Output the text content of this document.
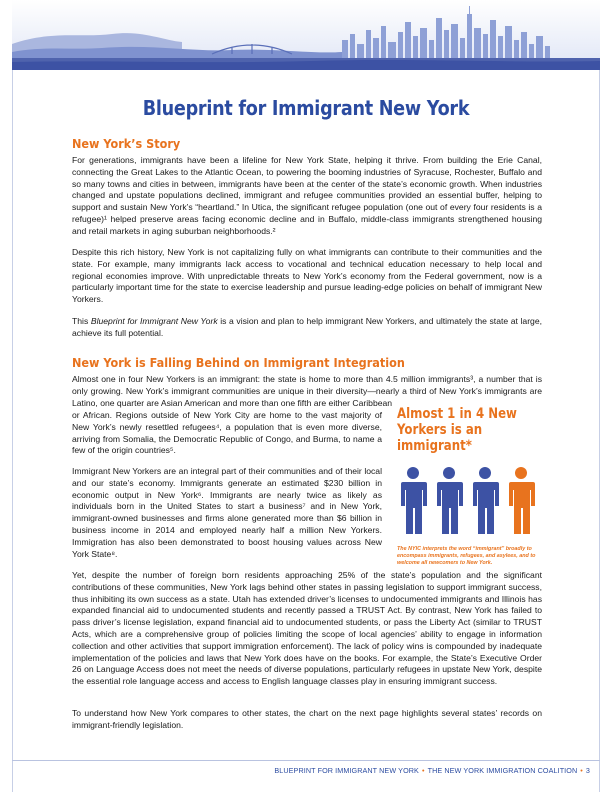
Blueprint for Immigrant New York
New York’s Story

For generations, immigrants have been a lifeline for New York State, helping it thrive. From building the Erie Canal, connecting the Great Lakes to the Atlantic Ocean, to powering the booming industries of Syracuse, Rochester, Buffalo and so many towns and cities in between, immigrants have been at the center of the state’s economic growth. When industries changed and upstate populations declined, immigrant and refugee communities provided an essential buffer, helping to support and sustain New York’s “heartland.” In Utica, the significant refugee population (one out of every four residents is a refugee)¹ helped preserve areas facing economic decline and in Buffalo, middle-class immigrants strengthened housing and retail markets in aging suburban neighborhoods.²

Despite this rich history, New York is not capitalizing fully on what immigrants can contribute to their communities and the state. For example, many immigrants lack access to vocational and technical education necessary to help local and regional economies improve. With unpredictable threats to New York’s economy from the Federal government, now is a particularly important time for the state to exercise leadership and pursue leading-edge policies on behalf of immigrant New Yorkers.

This Blueprint for Immigrant New York is a vision and plan to help immigrant New Yorkers, and ultimately the state at large, achieve its full potential.

New York is Falling Behind on Immigrant Integration

Almost one in four New Yorkers is an immigrant: the state is home to more than 4.5 million immigrants³, a number that is only growing. New York’s immigrant communities are unique in their diversity—nearly a third of New York’s immigrants are Latino, one quarter are Asian American and more than one fifth are either Caribbean

or African. Regions outside of New York City are home to the vast majority of New York’s newly resettled refugees⁴, a population that is even more diverse, arriving from Somalia, the Democratic Republic of Congo, and Burma, to name a few of the origin countries⁵.

Immigrant New Yorkers are an integral part of their communities and of their local and our state’s economy. Immigrants generate an estimated $230 billion in economic output in New York⁶. Immigrants are nearly twice as likely as individuals born in the United States to start a business⁷ and in New York, immigrant-owned businesses and firms alone generated more than $6 billion in business income in 2014 and employed nearly half a million New Yorkers. Immigration has also been demonstrated to boost housing values across New York State⁸.

Yet, despite the number of foreign born residents approaching 25% of the state’s population and the significant contributions of these communities, New York lags behind other states in passing legislation to support immigrant success, thus inhibiting its own success as a state. Utah has extended driver’s licenses to undocumented immigrants and Illinois has expanded financial aid to undocumented students and recently passed a TRUST Act. By contrast, New York has failed to pass driver’s license legislation, expand financial aid to undocumented students, or pass the Liberty Act (similar to TRUST Acts, which are a comprehensive group of policies limiting the scope of local agencies’ ability to engage in information collection and other activities that support immigration enforcement). The lack of policy wins is compounded by inadequate implementation of the policies and laws that New York does have on the books. For example, the State’s Executive Order 26 on Language Access does not meet the needs of diverse populations, particularly refugees in upstate New York, despite the essential role language access and access to English language classes play in ensuring immigrant success.

To understand how New York compares to other states, the chart on the next page highlights several states’ records on immigrant-friendly legislation.

Almost 1 in 4 New Yorkers is an immigrant*
The NYIC interprets the word “immigrant” broadly to encompass immigrants, refugees, and asylees, and to welcome all newcomers to New York.
BLUEPRINT FOR IMMIGRANT NEW YORK • THE NEW YORK IMMIGRATION COALITION • 3
